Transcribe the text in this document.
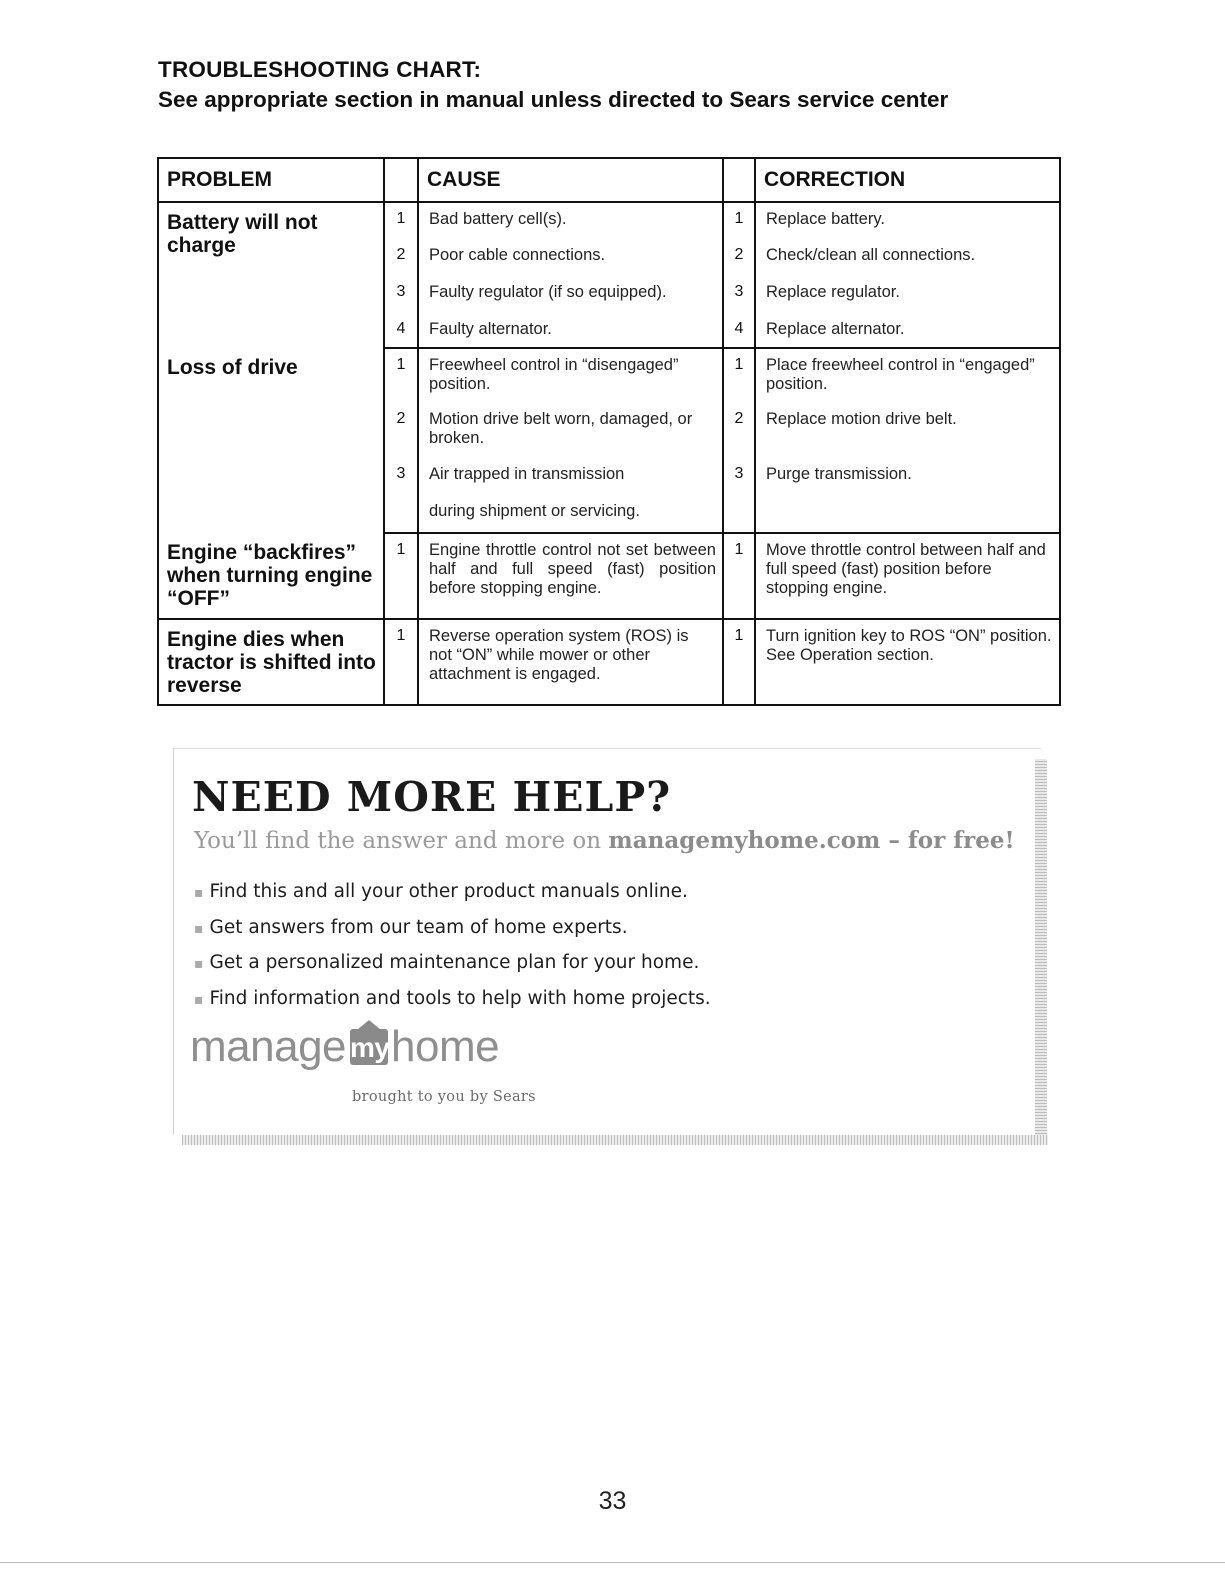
TROUBLESHOOTING CHART:
See appropriate section in manual unless directed to Sears service center
PROBLEM		CAUSE		CORRECTION
Battery will not charge	1	Bad battery cell(s).	1	Replace battery.
	2	Poor cable connections.	2	Check/clean all connections.
	3	Faulty regulator (if so equipped).	3	Replace regulator.
	4	Faulty alternator.	4	Replace alternator.
Loss of drive	1	Freewheel control in “disengaged” position.	1	Place freewheel control in “engaged” position.
	2	Motion drive belt worn, damaged, or broken.	2	Replace motion drive belt.
	3	Air trapped in transmission	3	Purge transmission.
		during shipment or servicing.		
Engine “backfires” when turning engine “OFF”	1	Engine throttle control not set between half and full speed (fast) position before stopping engine.	1	Move throttle control between half and full speed (fast) position before stopping engine.
Engine dies when tractor is shifted into reverse	1	Reverse operation system (ROS) is not “ON” while mower or other attachment is engaged.	1	Turn ignition key to ROS “ON” position. See Operation section.
NEED MORE HELP?
You’ll find the answer and more on managemyhome.com – for free!
▪ Find this and all your other product manuals online.
▪ Get answers from our team of home experts.
▪ Get a personalized maintenance plan for your home.
▪ Find information and tools to help with home projects.
manage myhome
brought to you by Sears
33
